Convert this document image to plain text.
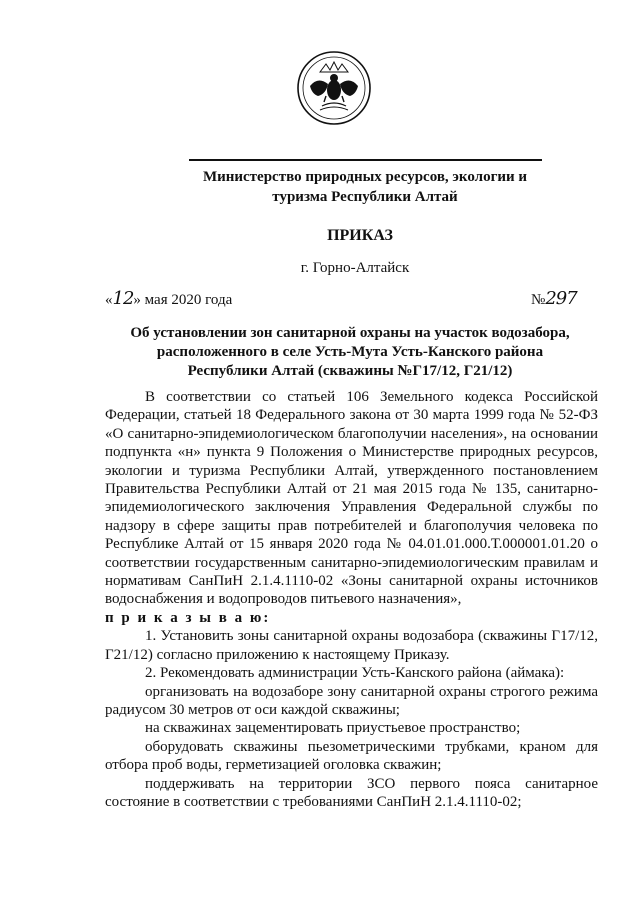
Министерство природных ресурсов, экологии и
туризма Республики Алтай
ПРИКАЗ
г. Горно-Алтайск
«12» мая 2020 года	№297
Об установлении зон санитарной охраны на участок водозабора,
расположенного в селе Усть-Мута Усть-Канского района
Республики Алтай (скважины №Г17/12, Г21/12)

В соответствии со статьей 106 Земельного кодекса Российской Федерации, статьей 18 Федерального закона от 30 марта 1999 года № 52-ФЗ «О санитарно-эпидемиологическом благополучии населения», на основании подпункта «н» пункта 9 Положения о Министерстве природных ресурсов, экологии и туризма Республики Алтай, утвержденного постановлением Правительства Республики Алтай от 21 мая 2015 года № 135, санитарно-эпидемиологического заключения Управления Федеральной службы по надзору в сфере защиты прав потребителей и благополучия человека по Республике Алтай от 15 января 2020 года № 04.01.01.000.Т.000001.01.20 о соответствии государственным санитарно-эпидемиологическим правилам и нормативам СанПиН 2.1.4.1110-02 «Зоны санитарной охраны источников водоснабжения и водопроводов питьевого назначения»,

п р и к а з ы в а ю:

1. Установить зоны санитарной охраны водозабора (скважины Г17/12, Г21/12) согласно приложению к настоящему Приказу.

2. Рекомендовать администрации Усть-Канского района (аймака):

организовать на водозаборе зону санитарной охраны строгого режима радиусом 30 метров от оси каждой скважины;

на скважинах зацементировать приустьевое пространство;

оборудовать скважины пьезометрическими трубками, краном для отбора проб воды, герметизацией оголовка скважин;

поддерживать на территории ЗСО первого пояса санитарное состояние в соответствии с требованиями СанПиН 2.1.4.1110-02;
